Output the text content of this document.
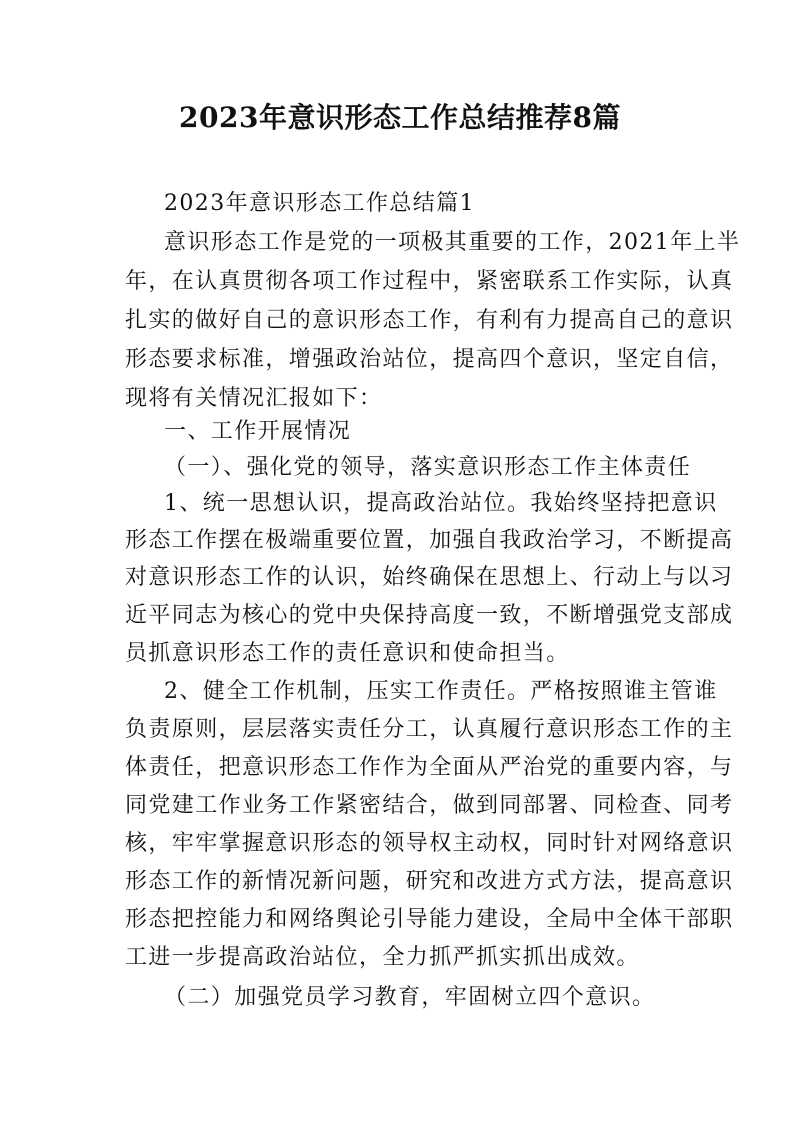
2023年意识形态工作总结推荐8篇
2023年意识形态工作总结篇1
意识形态工作是党的一项极其重要的工作，2021年上半
年，在认真贯彻各项工作过程中，紧密联系工作实际，认真
扎实的做好自己的意识形态工作，有利有力提高自己的意识
形态要求标准，增强政治站位，提高四个意识，坚定自信，
现将有关情况汇报如下：
一、工作开展情况
（一）、强化党的领导，落实意识形态工作主体责任
1、统一思想认识，提高政治站位。我始终坚持把意识
形态工作摆在极端重要位置，加强自我政治学习，不断提高
对意识形态工作的认识，始终确保在思想上、行动上与以习
近平同志为核心的党中央保持高度一致，不断增强党支部成
员抓意识形态工作的责任意识和使命担当。
2、健全工作机制，压实工作责任。严格按照谁主管谁
负责原则，层层落实责任分工，认真履行意识形态工作的主
体责任，把意识形态工作作为全面从严治党的重要内容，与
同党建工作业务工作紧密结合，做到同部署、同检查、同考
核，牢牢掌握意识形态的领导权主动权，同时针对网络意识
形态工作的新情况新问题，研究和改进方式方法，提高意识
形态把控能力和网络舆论引导能力建设，全局中全体干部职
工进一步提高政治站位，全力抓严抓实抓出成效。
（二）加强党员学习教育，牢固树立四个意识。
